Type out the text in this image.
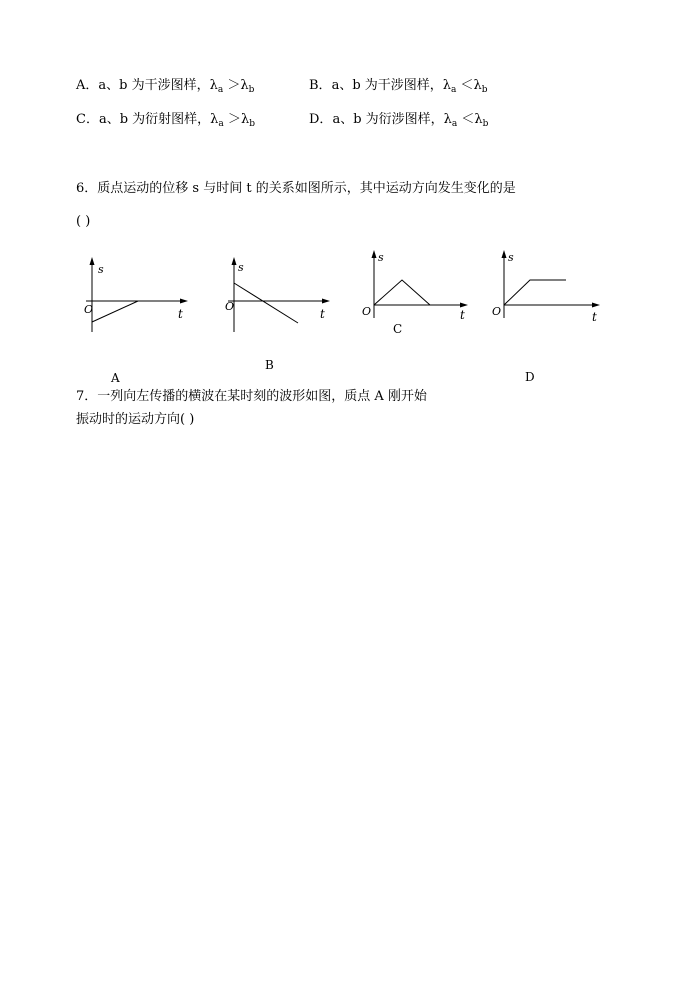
A．a、b 为干涉图样，$\lambda_a >\lambda_b$	B．a、b 为干涉图样，$\lambda_a <\lambda_b$
C．a、b 为衍射图样，$\lambda_a >\lambda_b$	D．a、b 为衍涉图样，$\lambda_a <\lambda_b$
6．质点运动的位移 s 与时间 t 的关系如图所示，其中运动方向发生变化的是
( )
s
O	t
A
s
O
t
B
s
O	t
C
s
O	t
D
7．一列向左传播的横波在某时刻的波形如图，质点 A 刚开始
振动时的运动方向( )
